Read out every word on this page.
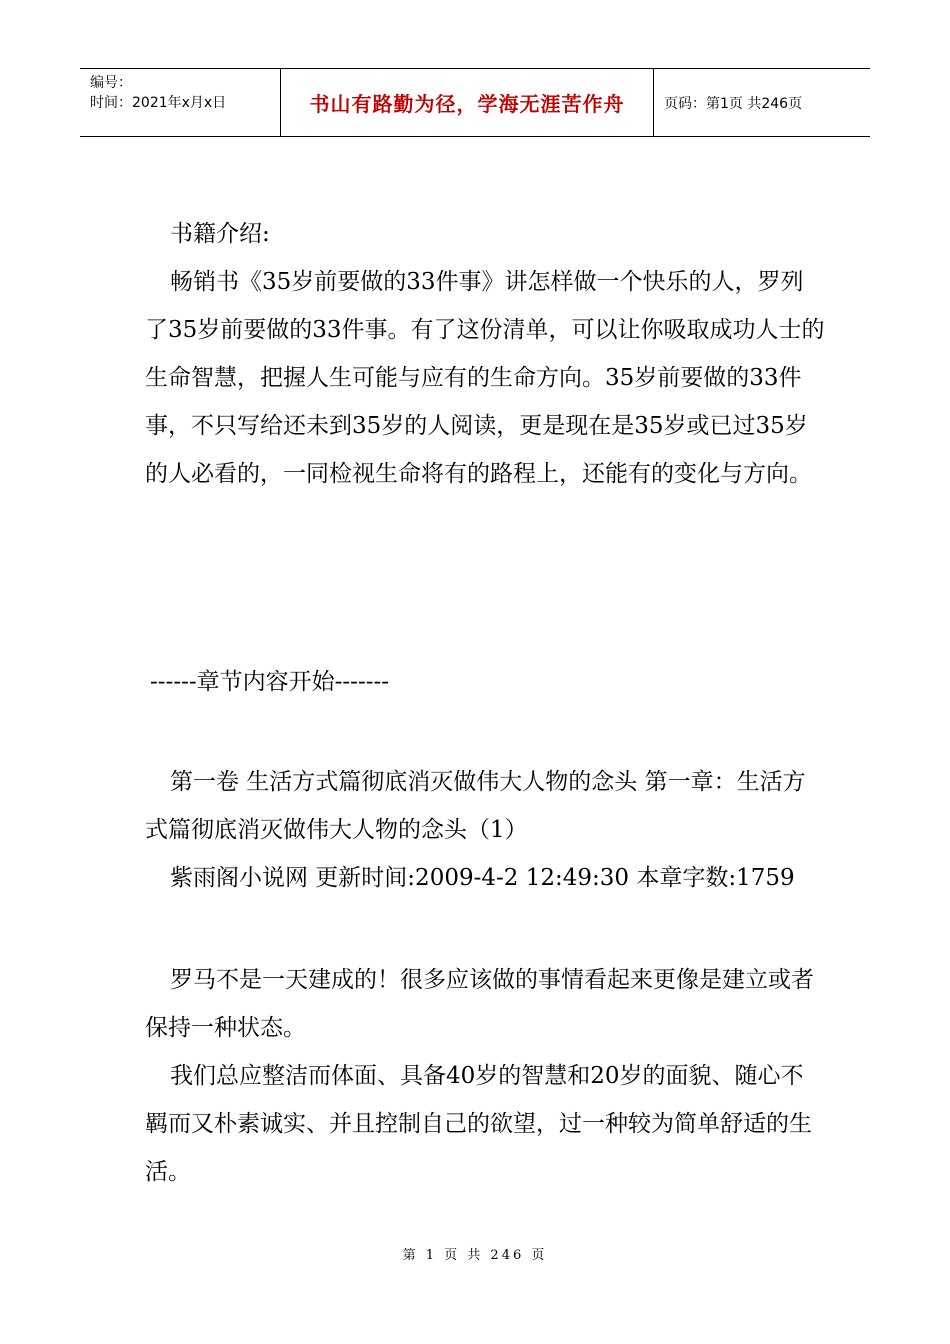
编号：
时间：2021年x月x日	书山有路勤为径，学海无涯苦作舟	页码：第1页 共246页

书籍介绍:

畅销书《35岁前要做的33件事》讲怎样做一个快乐的人，罗列了35岁前要做的33件事。有了这份清单，可以让你吸取成功人士的生命智慧，把握人生可能与应有的生命方向。35岁前要做的33件事，不只写给还未到35岁的人阅读，更是现在是35岁或已过35岁的人必看的，一同检视生命将有的路程上，还能有的变化与方向。

------章节内容开始-------

第一卷 生活方式篇彻底消灭做伟大人物的念头 第一章：生活方式篇彻底消灭做伟大人物的念头（1）

紫雨阁小说网 更新时间:2009-4-2 12:49:30 本章字数:1759

罗马不是一天建成的！很多应该做的事情看起来更像是建立或者保持一种状态。

我们总应整洁而体面、具备40岁的智慧和20岁的面貌、随心不羁而又朴素诚实、并且控制自己的欲望，过一种较为简单舒适的生活。

第 1 页 共 246 页
